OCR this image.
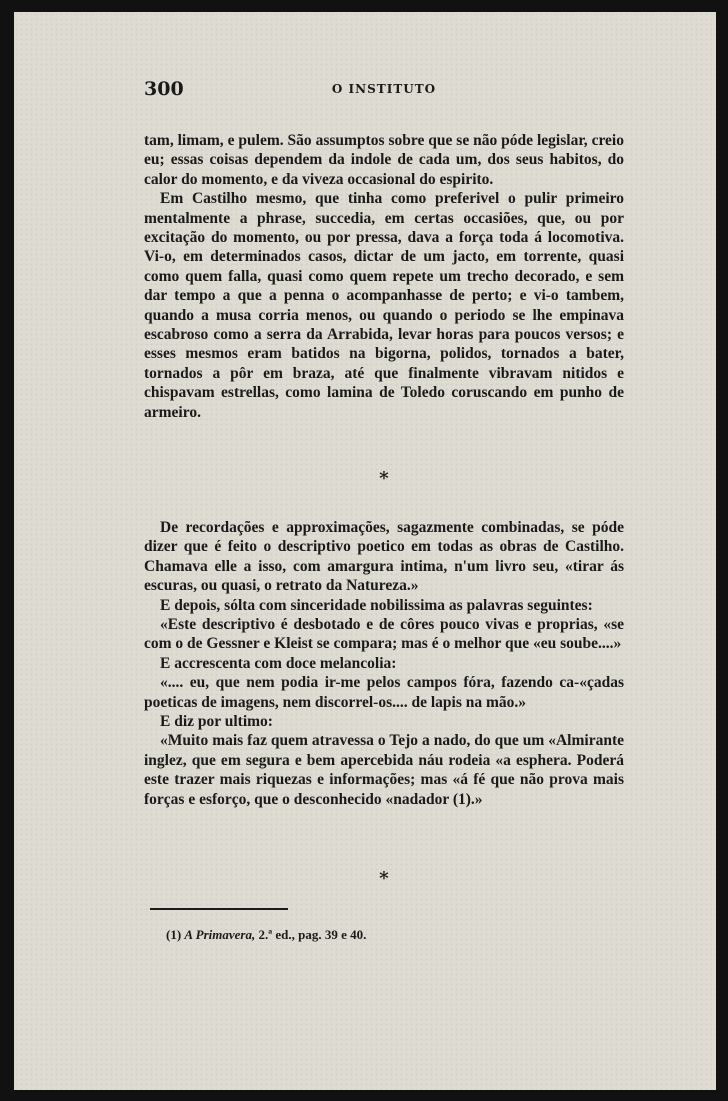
300	O INSTITUTO

tam, limam, e pulem. São assumptos sobre que se não póde legislar, creio eu; essas coisas dependem da indole de cada um, dos seus habitos, do calor do momento, e da viveza occasional do espirito.

Em Castilho mesmo, que tinha como preferivel o pulir primeiro mentalmente a phrase, succedia, em certas occasiões, que, ou por excitação do momento, ou por pressa, dava a força toda á locomotiva. Vi-o, em determinados casos, dictar de um jacto, em torrente, quasi como quem falla, quasi como quem repete um trecho decorado, e sem dar tempo a que a penna o acompanhasse de perto; e vi-o tambem, quando a musa corria menos, ou quando o periodo se lhe empinava escabroso como a serra da Arrabida, levar horas para poucos versos; e esses mesmos eram batidos na bigorna, polidos, tornados a bater, tornados a pôr em braza, até que finalmente vibravam nitidos e chispavam estrellas, como lamina de Toledo coruscando em punho de armeiro.

*

De recordações e approximações, sagazmente combinadas, se póde dizer que é feito o descriptivo poetico em todas as obras de Castilho. Chamava elle a isso, com amargura intima, n'um livro seu, «tirar ás escuras, ou quasi, o retrato da Natureza.»

E depois, sólta com sinceridade nobilissima as palavras seguintes:

«Este descriptivo é desbotado e de côres pouco vivas e proprias, «se com o de Gessner e Kleist se compara; mas é o melhor que «eu soube....»

E accrescenta com doce melancolia:

«.... eu, que nem podia ir-me pelos campos fóra, fazendo ca-«çadas poeticas de imagens, nem discorrel-os.... de lapis na mão.»

E diz por ultimo:

«Muito mais faz quem atravessa o Tejo a nado, do que um «Almirante inglez, que em segura e bem apercebida náu rodeia «a esphera. Poderá este trazer mais riquezas e informações; mas «á fé que não prova mais forças e esforço, que o desconhecido «nadador (1).»

*
(1) A Primavera, 2.ª ed., pag. 39 e 40.
